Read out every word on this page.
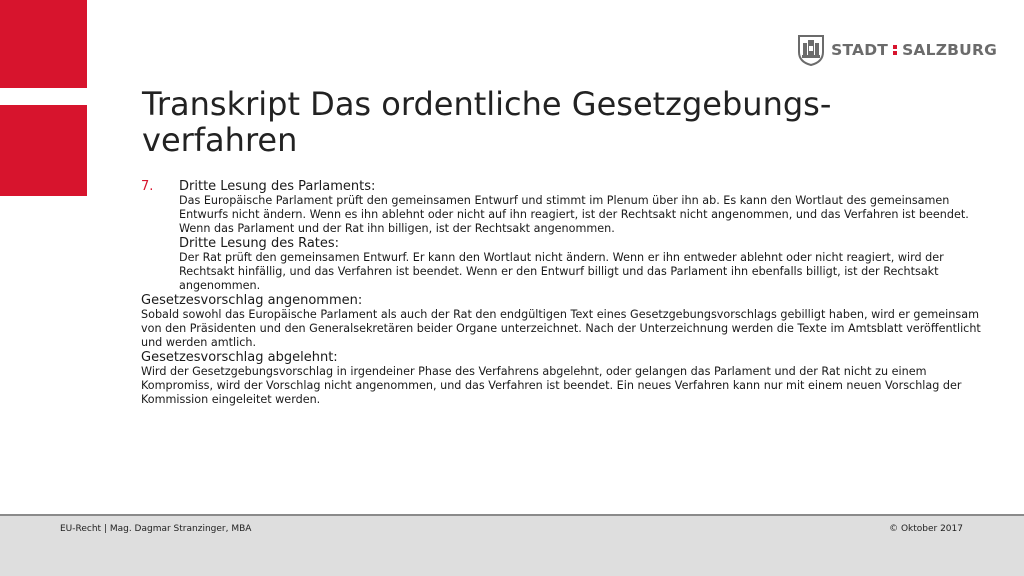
STADT SALZBURG
Transkript Das ordentliche Gesetzgebungs-verfahren
7.	Dritte Lesung des Parlaments:
Das Europäische Parlament prüft den gemeinsamen Entwurf und stimmt im Plenum über ihn ab. Es kann den Wortlaut des gemeinsamen Entwurfs nicht ändern. Wenn es ihn ablehnt oder nicht auf ihn reagiert, ist der Rechtsakt nicht angenommen, und das Verfahren ist beendet. Wenn das Parlament und der Rat ihn billigen, ist der Rechtsakt angenommen.
Dritte Lesung des Rates:
Der Rat prüft den gemeinsamen Entwurf. Er kann den Wortlaut nicht ändern. Wenn er ihn entweder ablehnt oder nicht reagiert, wird der Rechtsakt hinfällig, und das Verfahren ist beendet. Wenn er den Entwurf billigt und das Parlament ihn ebenfalls billigt, ist der Rechtsakt angenommen.
Gesetzesvorschlag angenommen:
Sobald sowohl das Europäische Parlament als auch der Rat den endgültigen Text eines Gesetzgebungsvorschlags gebilligt haben, wird er gemeinsam von den Präsidenten und den Generalsekretären beider Organe unterzeichnet. Nach der Unterzeichnung werden die Texte im Amtsblatt veröffentlicht und werden amtlich.
Gesetzesvorschlag abgelehnt:
Wird der Gesetzgebungsvorschlag in irgendeiner Phase des Verfahrens abgelehnt, oder gelangen das Parlament und der Rat nicht zu einem Kompromiss, wird der Vorschlag nicht angenommen, und das Verfahren ist beendet. Ein neues Verfahren kann nur mit einem neuen Vorschlag der Kommission eingeleitet werden.
EU-Recht | Mag. Dagmar Stranzinger, MBA	© Oktober 2017
